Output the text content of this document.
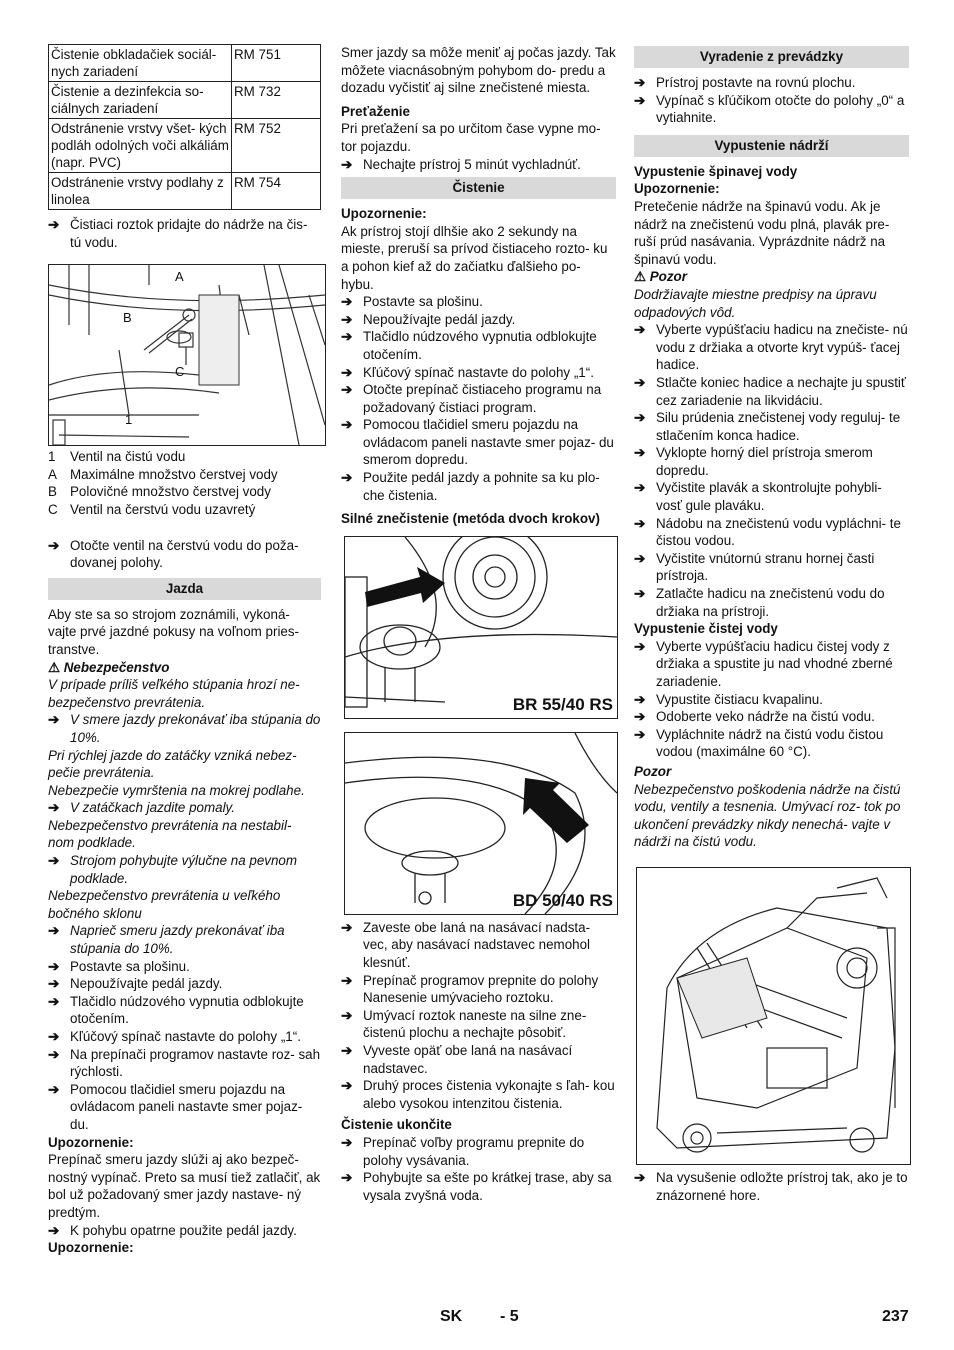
Čistenie obkladačiek sociál- nych zariadení	RM 751
Čistenie a dezinfekcia so- ciálnych zariadení	RM 732
Odstránenie vrstvy všet- kých podláh odolných voči alkáliám (napr. PVC)	RM 752
Odstránenie vrstvy podlahy z linolea	RM 754
➔ Čistiaci roztok pridajte do nádrže na čis- tú vodu.
A
B
C
1
1 Ventil na čistú vodu
A Maximálne množstvo čerstvej vody
B Polovičné množstvo čerstvej vody
C Ventil na čerstvú vodu uzavretý
➔ Otočte ventil na čerstvú vodu do poža- dovanej polohy.
Jazda

Aby ste sa so strojom zoznámili, vykoná- vajte prvé jazdné pokusy na voľnom pries- transtve.

⚠ Nebezpečenstvo

V prípade príliš veľkého stúpania hrozí ne- bezpečenstvo prevrátenia.

➔ V smere jazdy prekonávať iba stúpania do 10%.

Pri rýchlej jazde do zatáčky vzniká nebez- pečie prevrátenia.

Nebezpečie vymrštenia na mokrej podlahe.

➔ V zatáčkach jazdite pomaly.

Nebezpečenstvo prevrátenia na nestabil- nom podklade.

➔ Strojom pohybujte výlučne na pevnom podklade.

Nebezpečenstvo prevrátenia u veľkého bočného sklonu

➔ Naprieč smeru jazdy prekonávať iba stúpania do 10%.
➔ Postavte sa plošinu.
➔ Nepoužívajte pedál jazdy.
➔ Tlačidlo núdzového vypnutia odblokujte otočením.
➔ Kľúčový spínač nastavte do polohy „1“.
➔ Na prepínači programov nastavte roz- sah rýchlosti.
➔ Pomocou tlačidiel smeru pojazdu na ovládacom paneli nastavte smer pojaz- du.

Upozornenie:

Prepínač smeru jazdy slúži aj ako bezpeč- nostný vypínač. Preto sa musí tiež zatlačiť, ak bol už požadovaný smer jazdy nastave- ný predtým.

➔ K pohybu opatrne použite pedál jazdy.

Upozornenie:

Smer jazdy sa môže meniť aj počas jazdy. Tak môžete viacnásobným pohybom do- predu a dozadu vyčistiť aj silne znečistené miesta.

Preťaženie

Pri preťažení sa po určitom čase vypne mo- tor pojazdu.

➔ Nechajte prístroj 5 minút vychladnúť.
Čistenie

Upozornenie:

Ak prístroj stojí dlhšie ako 2 sekundy na mieste, preruší sa prívod čistiaceho rozto- ku a pohon kief až do začiatku ďalšieho po- hybu.

➔ Postavte sa plošinu.
➔ Nepoužívajte pedál jazdy.
➔ Tlačidlo núdzového vypnutia odblokujte otočením.
➔ Kľúčový spínač nastavte do polohy „1“.
➔ Otočte prepínač čistiaceho programu na požadovaný čistiaci program.
➔ Pomocou tlačidiel smeru pojazdu na ovládacom paneli nastavte smer pojaz- du smerom dopredu.
➔ Použite pedál jazdy a pohnite sa ku plo- che čistenia.

Silné znečistenie (metóda dvoch krokov)

BR 55/40 RS
BD 50/40 RS
➔ Zaveste obe laná na nasávací nadsta- vec, aby nasávací nadstavec nemohol klesnúť.
➔ Prepínač programov prepnite do polohy Nanesenie umývacieho roztoku.
➔ Umývací roztok naneste na silne zne- čistenú plochu a nechajte pôsobiť.
➔ Vyveste opäť obe laná na nasávací nadstavec.
➔ Druhý proces čistenia vykonajte s ľah- kou alebo vysokou intenzitou čistenia.

Čistenie ukončite

➔ Prepínač voľby programu prepnite do polohy vysávania.
➔ Pohybujte sa ešte po krátkej trase, aby sa vysala zvyšná voda.
Vyradenie z prevádzky
➔ Prístroj postavte na rovnú plochu.
➔ Vypínač s kľúčikom otočte do polohy „0“ a vytiahnite.
Vypustenie nádrží

Vypustenie špinavej vody

Upozornenie:

Pretečenie nádrže na špinavú vodu. Ak je nádrž na znečistenú vodu plná, plavák pre- ruší prúd nasávania. Vyprázdnite nádrž na špinavú vodu.

⚠ Pozor

Dodržiavajte miestne predpisy na úpravu odpadových vôd.

➔ Vyberte vypúšťaciu hadicu na znečiste- nú vodu z držiaka a otvorte kryt vypúš- ťacej hadice.
➔ Stlačte koniec hadice a nechajte ju spustiť cez zariadenie na likvidáciu.
➔ Silu prúdenia znečistenej vody reguluj- te stlačením konca hadice.
➔ Vyklopte horný diel prístroja smerom dopredu.
➔ Vyčistite plavák a skontrolujte pohybli- vosť gule plaváku.
➔ Nádobu na znečistenú vodu vypláchni- te čistou vodou.
➔ Vyčistite vnútornú stranu hornej časti prístroja.
➔ Zatlačte hadicu na znečistenú vodu do držiaka na prístroji.

Vypustenie čistej vody

➔ Vyberte vypúšťaciu hadicu čistej vody z držiaka a spustite ju nad vhodné zberné zariadenie.
➔ Vypustite čistiacu kvapalinu.
➔ Odoberte veko nádrže na čistú vodu.
➔ Vypláchnite nádrž na čistú vodu čistou vodou (maximálne 60 °C).

Pozor

Nebezpečenstvo poškodenia nádrže na čistú vodu, ventily a tesnenia. Umývací roz- tok po ukončení prevádzky nikdy nenechá- vajte v nádrži na čistú vodu.

➔ Na vysušenie odložte prístroj tak, ako je to znázornené hore.
SK - 5	237
